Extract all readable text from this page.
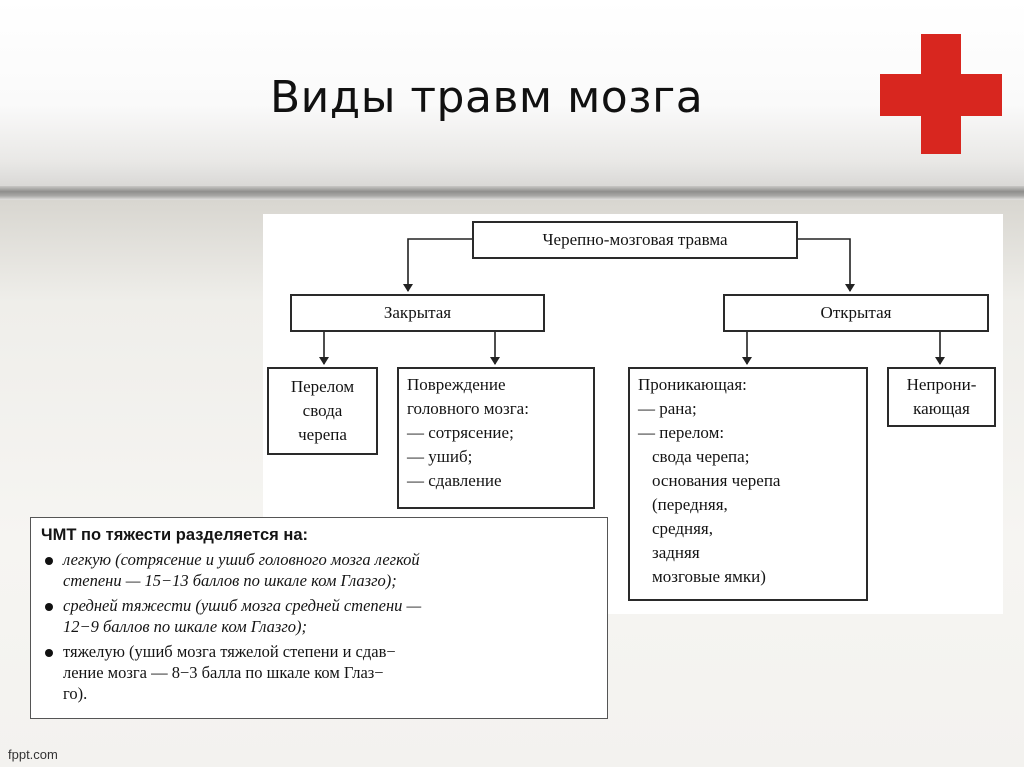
Виды травм мозга
Черепно-мозговая травма
Закрытая	Открытая
Перелом
свода
черепа
Повреждение
головного мозга:
— сотрясение;
— ушиб;
— сдавление
Проникающая:
— рана;
— перелом:
свода черепа;
основания черепа
(передняя,
средняя,
задняя
мозговые ямки)
Непрони-
кающая
ЧМТ по тяжести разделяется на:
легкую (сотрясение и ушиб головного мозга легкой
степени — 15−13 баллов по шкале ком Глазго);
средней тяжести (ушиб мозга средней степени —
12−9 баллов по шкале ком Глазго);
тяжелую (ушиб мозга тяжелой степени и сдав−
ление мозга — 8−3 балла по шкале ком Глаз−
го).
fppt.com
